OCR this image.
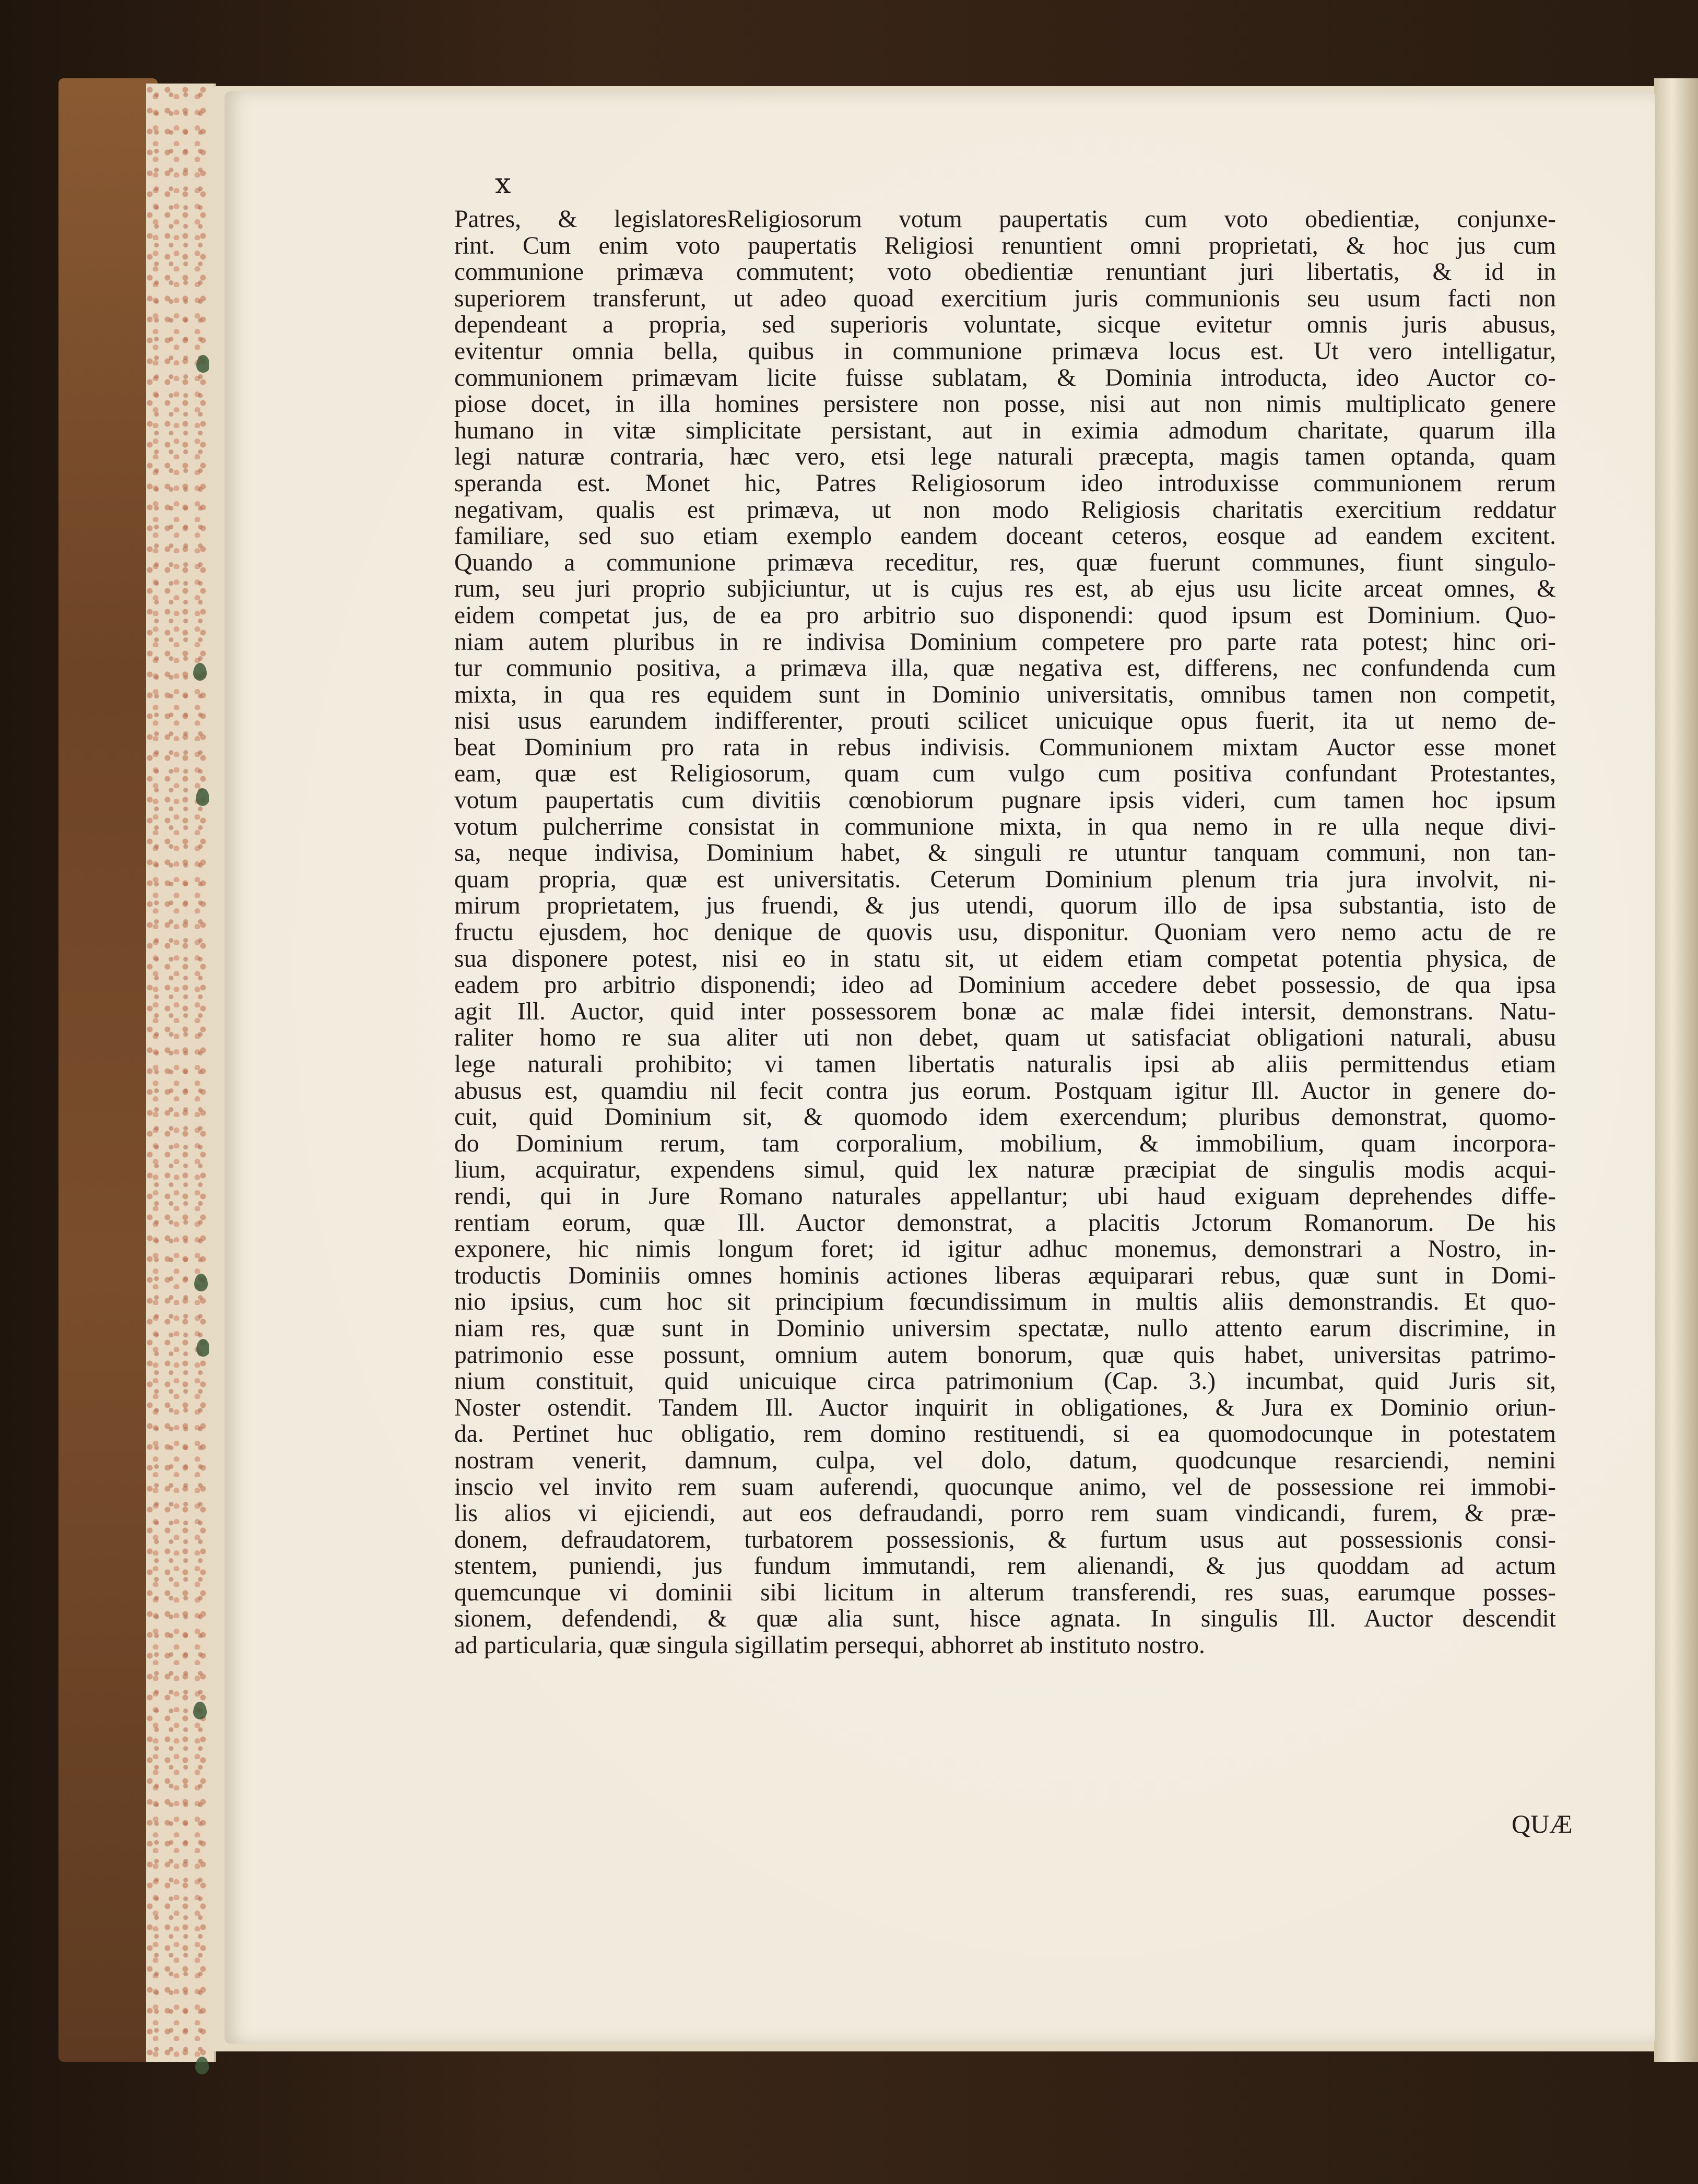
x
Patres, & legislatoresReligiosorum votum paupertatis cum voto obedientiæ, conjunxe-
rint. Cum enim voto paupertatis Religiosi renuntient omni proprietati, & hoc jus cum
communione primæva commutent; voto obedientiæ renuntiant juri libertatis, & id in
superiorem transferunt, ut adeo quoad exercitium juris communionis seu usum facti non
dependeant a propria, sed superioris voluntate, sicque evitetur omnis juris abusus,
evitentur omnia bella, quibus in communione primæva locus est. Ut vero intelligatur,
communionem primævam licite fuisse sublatam, & Dominia introducta, ideo Auctor co-
piose docet, in illa homines persistere non posse, nisi aut non nimis multiplicato genere
humano in vitæ simplicitate persistant, aut in eximia admodum charitate, quarum illa
legi naturæ contraria, hæc vero, etsi lege naturali præcepta, magis tamen optanda, quam
speranda est. Monet hic, Patres Religiosorum ideo introduxisse communionem rerum
negativam, qualis est primæva, ut non modo Religiosis charitatis exercitium reddatur
familiare, sed suo etiam exemplo eandem doceant ceteros, eosque ad eandem excitent.
Quando a communione primæva receditur, res, quæ fuerunt communes, fiunt singulo-
rum, seu juri proprio subjiciuntur, ut is cujus res est, ab ejus usu licite arceat omnes, &
eidem competat jus, de ea pro arbitrio suo disponendi: quod ipsum est Dominium. Quo-
niam autem pluribus in re indivisa Dominium competere pro parte rata potest; hinc ori-
tur communio positiva, a primæva illa, quæ negativa est, differens, nec confundenda cum
mixta, in qua res equidem sunt in Dominio universitatis, omnibus tamen non competit,
nisi usus earundem indifferenter, prouti scilicet unicuique opus fuerit, ita ut nemo de-
beat Dominium pro rata in rebus indivisis. Communionem mixtam Auctor esse monet
eam, quæ est Religiosorum, quam cum vulgo cum positiva confundant Protestantes,
votum paupertatis cum divitiis cœnobiorum pugnare ipsis videri, cum tamen hoc ipsum
votum pulcherrime consistat in communione mixta, in qua nemo in re ulla neque divi-
sa, neque indivisa, Dominium habet, & singuli re utuntur tanquam communi, non tan-
quam propria, quæ est universitatis. Ceterum Dominium plenum tria jura involvit, ni-
mirum proprietatem, jus fruendi, & jus utendi, quorum illo de ipsa substantia, isto de
fructu ejusdem, hoc denique de quovis usu, disponitur. Quoniam vero nemo actu de re
sua disponere potest, nisi eo in statu sit, ut eidem etiam competat potentia physica, de
eadem pro arbitrio disponendi; ideo ad Dominium accedere debet possessio, de qua ipsa
agit Ill. Auctor, quid inter possessorem bonæ ac malæ fidei intersit, demonstrans. Natu-
raliter homo re sua aliter uti non debet, quam ut satisfaciat obligationi naturali, abusu
lege naturali prohibito; vi tamen libertatis naturalis ipsi ab aliis permittendus etiam
abusus est, quamdiu nil fecit contra jus eorum. Postquam igitur Ill. Auctor in genere do-
cuit, quid Dominium sit, & quomodo idem exercendum; pluribus demonstrat, quomo-
do Dominium rerum, tam corporalium, mobilium, & immobilium, quam incorpora-
lium, acquiratur, expendens simul, quid lex naturæ præcipiat de singulis modis acqui-
rendi, qui in Jure Romano naturales appellantur; ubi haud exiguam deprehendes diffe-
rentiam eorum, quæ Ill. Auctor demonstrat, a placitis Jctorum Romanorum. De his
exponere, hic nimis longum foret; id igitur adhuc monemus, demonstrari a Nostro, in-
troductis Dominiis omnes hominis actiones liberas æquiparari rebus, quæ sunt in Domi-
nio ipsius, cum hoc sit principium fœcundissimum in multis aliis demonstrandis. Et quo-
niam res, quæ sunt in Dominio universim spectatæ, nullo attento earum discrimine, in
patrimonio esse possunt, omnium autem bonorum, quæ quis habet, universitas patrimo-
nium constituit, quid unicuique circa patrimonium (Cap. 3.) incumbat, quid Juris sit,
Noster ostendit. Tandem Ill. Auctor inquirit in obligationes, & Jura ex Dominio oriun-
da. Pertinet huc obligatio, rem domino restituendi, si ea quomodocunque in potestatem
nostram venerit, damnum, culpa, vel dolo, datum, quodcunque resarciendi, nemini
inscio vel invito rem suam auferendi, quocunque animo, vel de possessione rei immobi-
lis alios vi ejiciendi, aut eos defraudandi, porro rem suam vindicandi, furem, & præ-
donem, defraudatorem, turbatorem possessionis, & furtum usus aut possessionis consi-
stentem, puniendi, jus fundum immutandi, rem alienandi, & jus quoddam ad actum
quemcunque vi dominii sibi licitum in alterum transferendi, res suas, earumque posses-
sionem, defendendi, & quæ alia sunt, hisce agnata. In singulis Ill. Auctor descendit
ad particularia, quæ singula sigillatim persequi, abhorret ab instituto nostro.
QUÆ
